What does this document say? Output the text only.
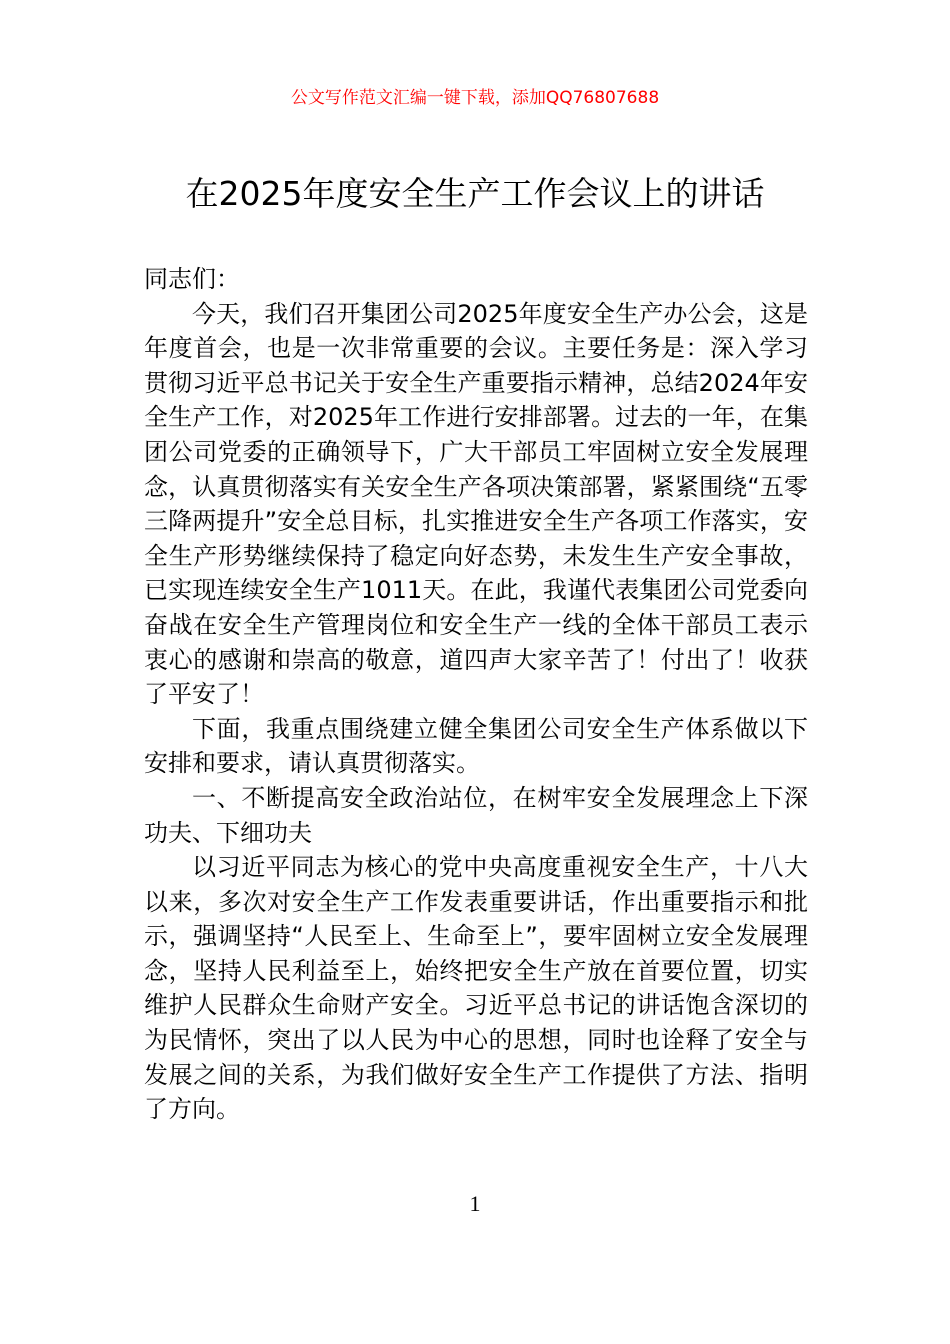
公文写作范文汇编一键下载，添加QQ76807688
在2025年度安全生产工作会议上的讲话

同志们：

今天，我们召开集团公司2025年度安全生产办公会，这是年度首会，也是一次非常重要的会议。主要任务是：深入学习贯彻习近平总书记关于安全生产重要指示精神，总结2024年安全生产工作，对2025年工作进行安排部署。过去的一年，在集团公司党委的正确领导下，广大干部员工牢固树立安全发展理念，认真贯彻落实有关安全生产各项决策部署，紧紧围绕“五零三降两提升”安全总目标，扎实推进安全生产各项工作落实，安全生产形势继续保持了稳定向好态势，未发生生产安全事故，已实现连续安全生产1011天。在此，我谨代表集团公司党委向奋战在安全生产管理岗位和安全生产一线的全体干部员工表示衷心的感谢和崇高的敬意，道四声大家辛苦了！付出了！收获了平安了！

下面，我重点围绕建立健全集团公司安全生产体系做以下安排和要求，请认真贯彻落实。

一、不断提高安全政治站位，在树牢安全发展理念上下深功夫、下细功夫

以习近平同志为核心的党中央高度重视安全生产，十八大以来，多次对安全生产工作发表重要讲话，作出重要指示和批示，强调坚持“人民至上、生命至上”，要牢固树立安全发展理念，坚持人民利益至上，始终把安全生产放在首要位置，切实维护人民群众生命财产安全。习近平总书记的讲话饱含深切的为民情怀，突出了以人民为中心的思想，同时也诠释了安全与发展之间的关系，为我们做好安全生产工作提供了方法、指明了方向。

1
